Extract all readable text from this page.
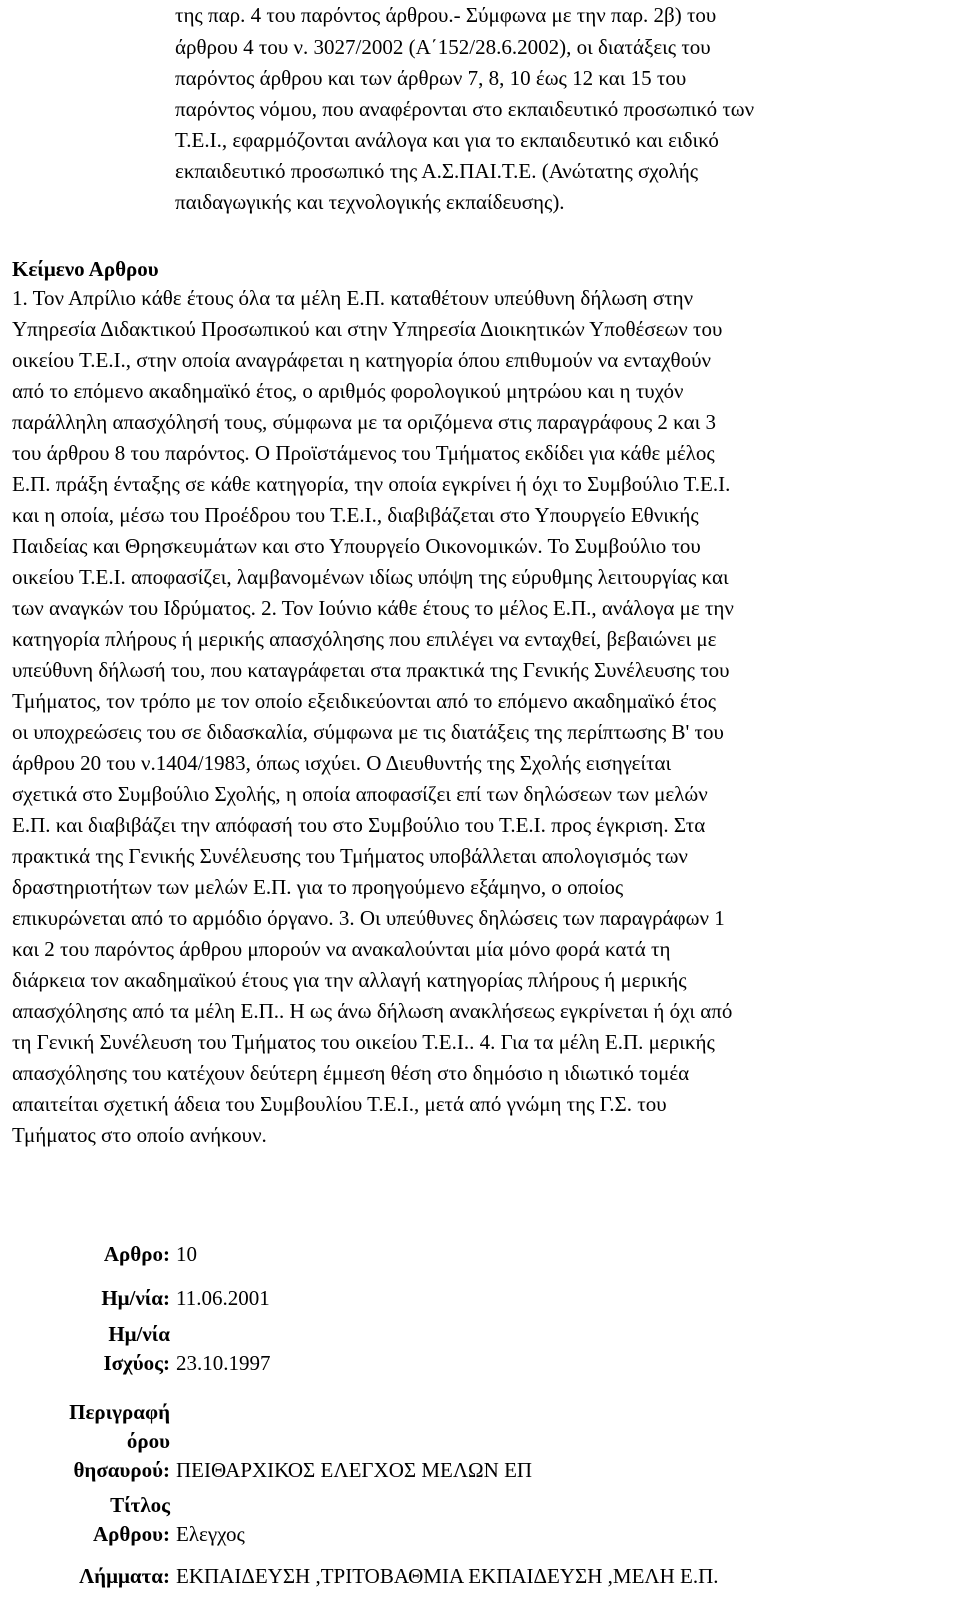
της παρ. 4 του παρόντος άρθρου.- Σύμφωνα με την παρ. 2β) του

άρθρου 4 του ν. 3027/2002 (Α΄152/28.6.2002), οι διατάξεις του

παρόντος άρθρου και των άρθρων 7, 8, 10 έως 12 και 15 του

παρόντος νόμου, που αναφέρονται στο εκπαιδευτικό προσωπικό των

Τ.Ε.Ι., εφαρμόζονται ανάλογα και για το εκπαιδευτικό και ειδικό

εκπαιδευτικό προσωπικό της Α.Σ.ΠΑΙ.Τ.Ε. (Ανώτατης σχολής

παιδαγωγικής και τεχνολογικής εκπαίδευσης).

Κείμενο Αρθρου

1. Τον Απρίλιο κάθε έτους όλα τα μέλη Ε.Π. καταθέτουν υπεύθυνη δήλωση στην

Υπηρεσία Διδακτικού Προσωπικού και στην Υπηρεσία Διοικητικών Υποθέσεων του

οικείου Τ.Ε.Ι., στην οποία αναγράφεται η κατηγορία όπου επιθυμούν να ενταχθούν

από το επόμενο ακαδημαϊκό έτος, ο αριθμός φορολογικού μητρώου και η τυχόν

παράλληλη απασχόλησή τους, σύμφωνα με τα οριζόμενα στις παραγράφους 2 και 3

του άρθρου 8 του παρόντος. Ο Προϊστάμενος του Τμήματος εκδίδει για κάθε μέλος

Ε.Π. πράξη ένταξης σε κάθε κατηγορία, την οποία εγκρίνει ή όχι το Συμβούλιο Τ.Ε.Ι.

και η οποία, μέσω του Προέδρου του Τ.Ε.Ι., διαβιβάζεται στο Υπουργείο Εθνικής

Παιδείας και Θρησκευμάτων και στο Υπουργείο Οικονομικών. Το Συμβούλιο του

οικείου Τ.Ε.Ι. αποφασίζει, λαμβανομένων ιδίως υπόψη της εύρυθμης λειτουργίας και

των αναγκών του Ιδρύματος. 2. Τον Ιούνιο κάθε έτους το μέλος Ε.Π., ανάλογα με την

κατηγορία πλήρους ή μερικής απασχόλησης που επιλέγει να ενταχθεί, βεβαιώνει με

υπεύθυνη δήλωσή του, που καταγράφεται στα πρακτικά της Γενικής Συνέλευσης του

Τμήματος, τον τρόπο με τον οποίο εξειδικεύονται από το επόμενο ακαδημαϊκό έτος

οι υποχρεώσεις του σε διδασκαλία, σύμφωνα με τις διατάξεις της περίπτωσης Β' του

άρθρου 20 του ν.1404/1983, όπως ισχύει. Ο Διευθυντής της Σχολής εισηγείται

σχετικά στο Συμβούλιο Σχολής, η οποία αποφασίζει επί των δηλώσεων των μελών

Ε.Π. και διαβιβάζει την απόφασή του στο Συμβούλιο του Τ.Ε.Ι. προς έγκριση. Στα

πρακτικά της Γενικής Συνέλευσης του Τμήματος υποβάλλεται απολογισμός των

δραστηριοτήτων των μελών Ε.Π. για το προηγούμενο εξάμηνο, ο οποίος

επικυρώνεται από το αρμόδιο όργανο. 3. Οι υπεύθυνες δηλώσεις των παραγράφων 1

και 2 του παρόντος άρθρου μπορούν να ανακαλούνται μία μόνο φορά κατά τη

διάρκεια τον ακαδημαϊκού έτους για την αλλαγή κατηγορίας πλήρους ή μερικής

απασχόλησης από τα μέλη Ε.Π.. Η ως άνω δήλωση ανακλήσεως εγκρίνεται ή όχι από

τη Γενική Συνέλευση του Τμήματος του οικείου Τ.Ε.Ι.. 4. Για τα μέλη Ε.Π. μερικής

απασχόλησης του κατέχουν δεύτερη έμμεση θέση στο δημόσιο η ιδιωτικό τομέα

απαιτείται σχετική άδεια του Συμβουλίου Τ.Ε.Ι., μετά από γνώμη της Γ.Σ. του

Τμήματος στο οποίο ανήκουν.

Αρθρο: 10
Ημ/νία: 11.06.2001
Ημ/νία
Ισχύος: 23.10.1997
Περιγραφή
όρου
θησαυρού: ΠΕΙΘΑΡΧΙΚΟΣ ΕΛΕΓΧΟΣ ΜΕΛΩΝ ΕΠ
Τίτλος
Αρθρου: Ελεγχος
Λήμματα: ΕΚΠΑΙΔΕΥΣΗ ,ΤΡΙΤΟΒΑΘΜΙΑ ΕΚΠΑΙΔΕΥΣΗ ,ΜΕΛΗ Ε.Π.
